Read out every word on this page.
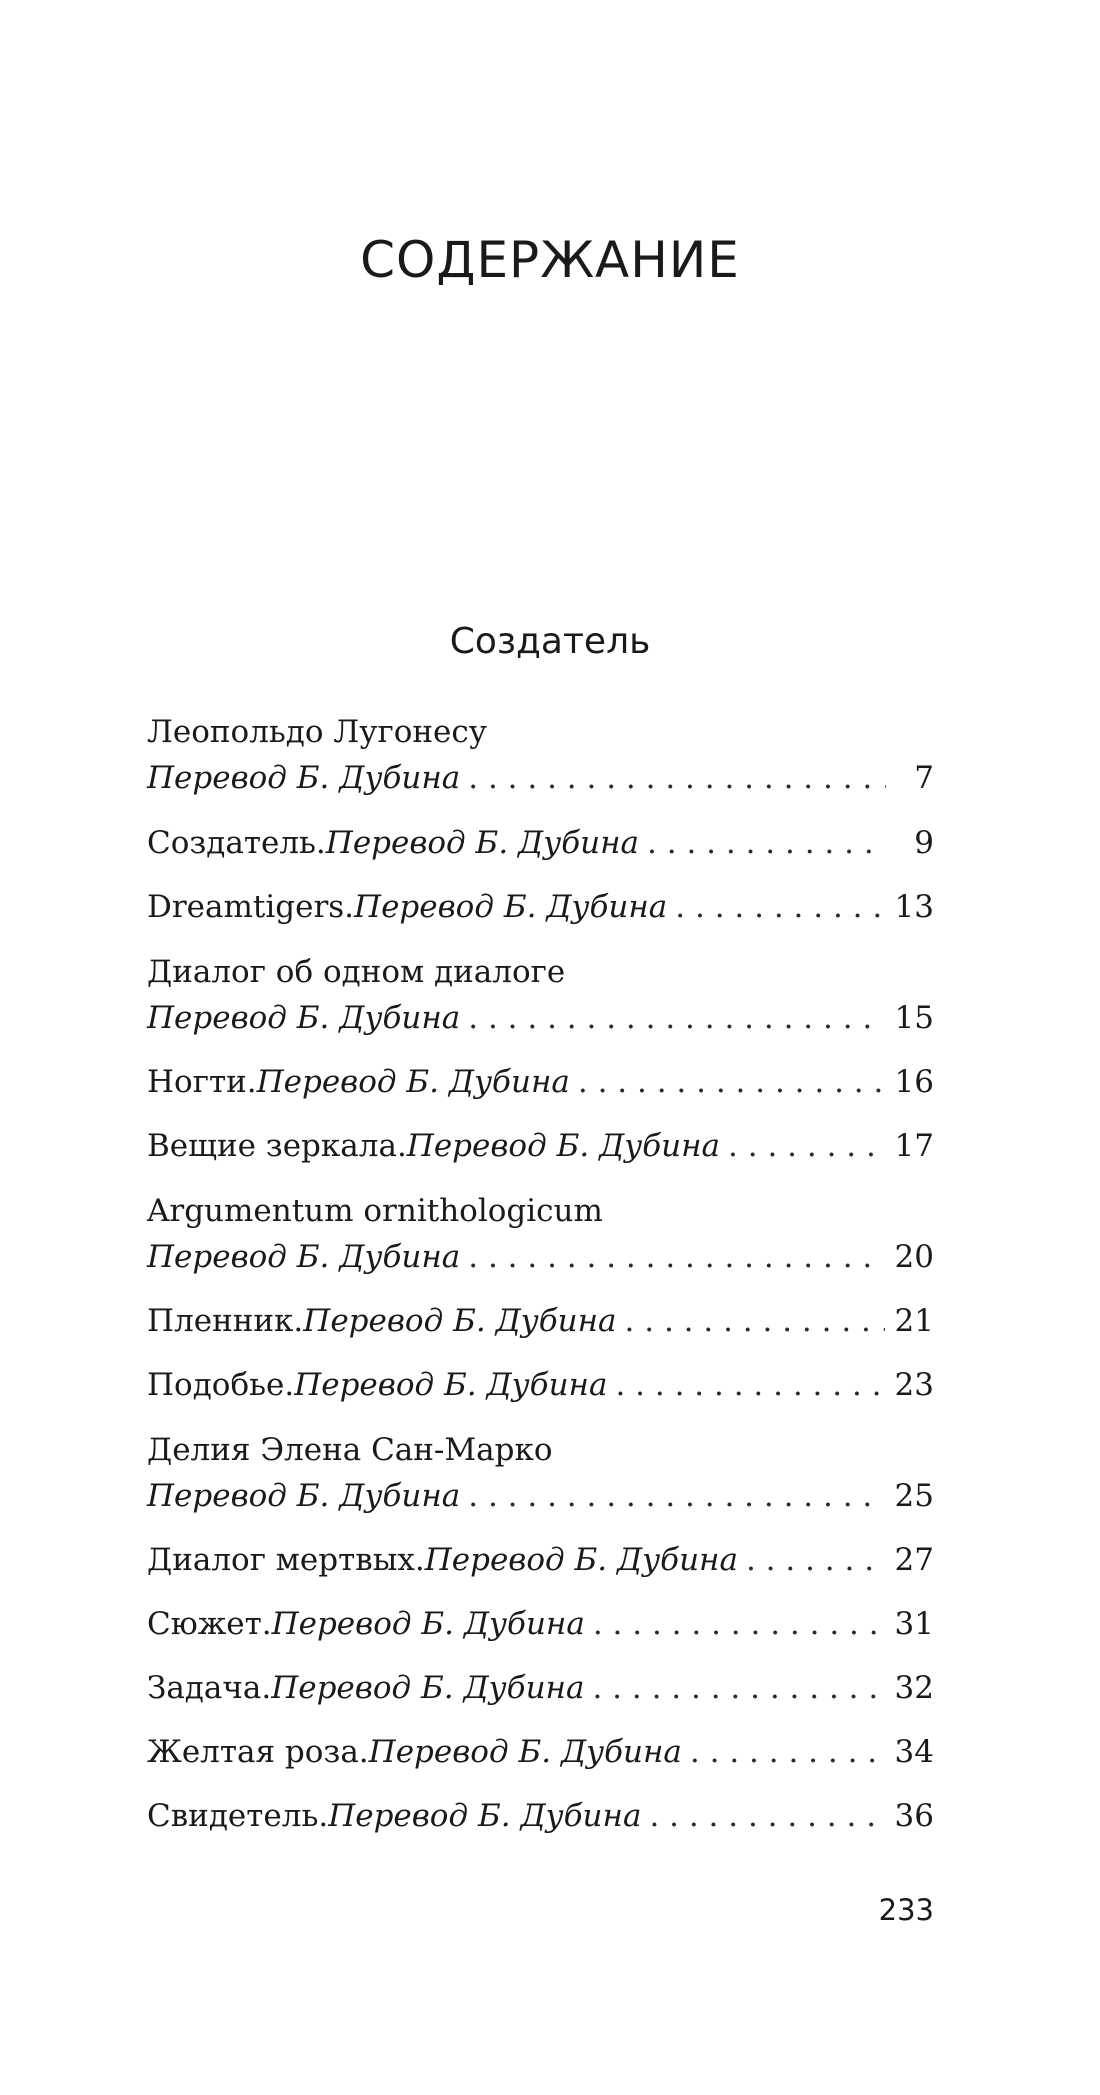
СОДЕРЖАНИЕ
Создатель
Леопольдо Лугонесу
Перевод Б. Дубина . . .	7
Создатель. Перевод Б. Дубина . . .	9
Dreamtigers. Перевод Б. Дубина . . .	13
Диалог об одном диалоге
Перевод Б. Дубина . . .	15
Ногти. Перевод Б. Дубина . . .	16
Вещие зеркала. Перевод Б. Дубина . . .	17
Argumentum ornithologicum
Перевод Б. Дубина . . .	20
Пленник. Перевод Б. Дубина . . .	21
Подобье. Перевод Б. Дубина . . .	23
Делия Элена Сан-Марко
Перевод Б. Дубина . . .	25
Диалог мертвых. Перевод Б. Дубина . . .	27
Сюжет. Перевод Б. Дубина . . .	31
Задача. Перевод Б. Дубина . . .	32
Желтая роза. Перевод Б. Дубина . . .	34
Свидетель. Перевод Б. Дубина . . .	36

233
